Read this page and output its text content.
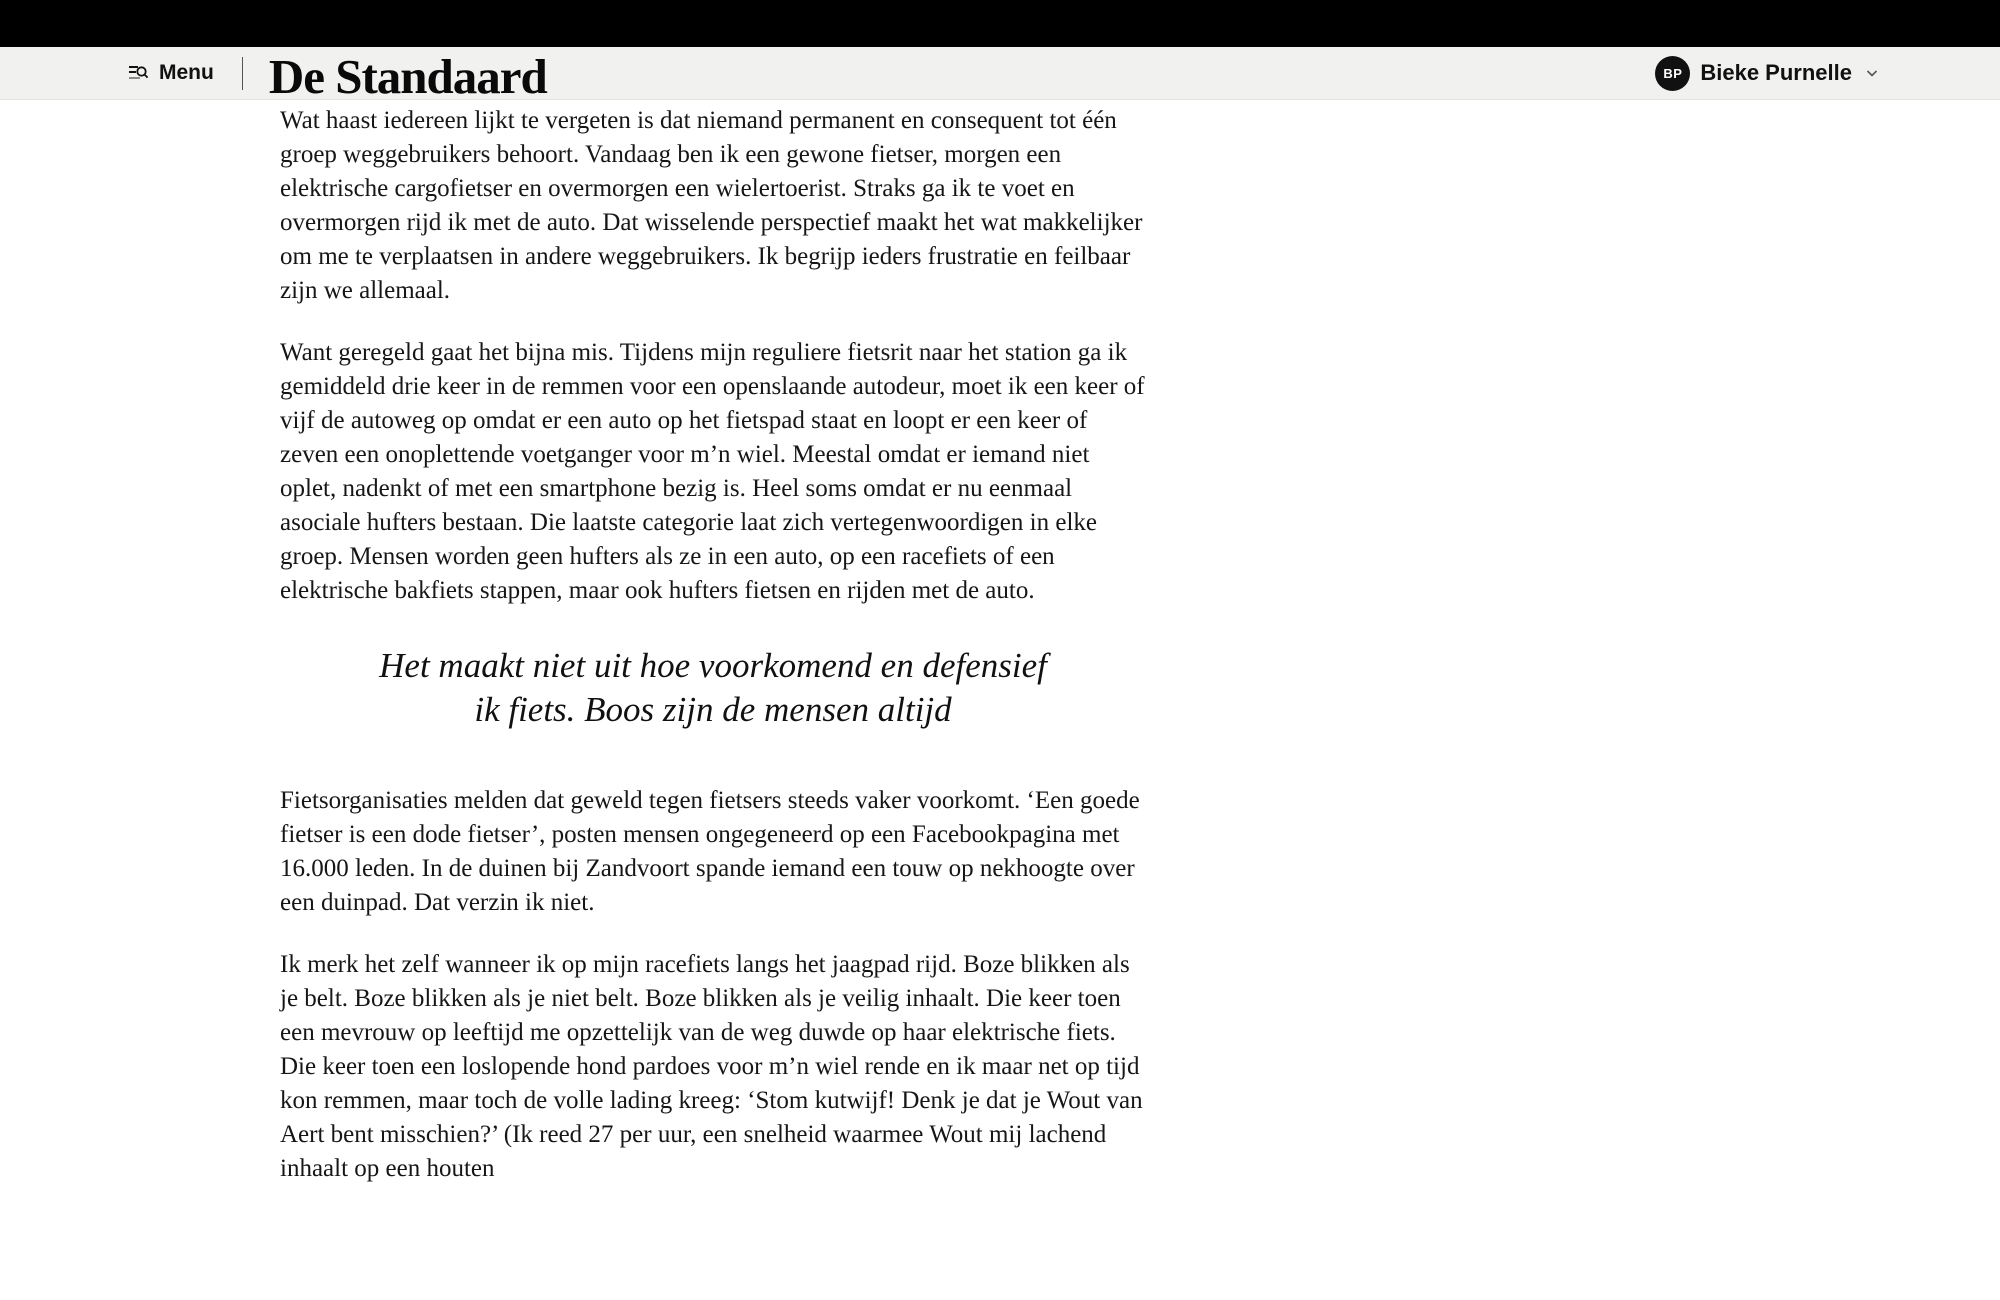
Menu De Standaard	BP Bieke Purnelle

Wat haast iedereen lijkt te vergeten is dat niemand permanent en consequent tot één groep weggebruikers behoort. Vandaag ben ik een gewone fietser, morgen een elektrische cargofietser en overmorgen een wielertoerist. Straks ga ik te voet en overmorgen rijd ik met de auto. Dat wisselende perspectief maakt het wat makkelijker om me te verplaatsen in andere weggebruikers. Ik begrijp ieders frustratie en feilbaar zijn we allemaal.

Want geregeld gaat het bijna mis. Tijdens mijn reguliere fietsrit naar het station ga ik gemiddeld drie keer in de remmen voor een openslaande autodeur, moet ik een keer of vijf de autoweg op omdat er een auto op het fietspad staat en loopt er een keer of zeven een onoplettende voetganger voor m’n wiel. Meestal omdat er iemand niet oplet, nadenkt of met een smartphone bezig is. Heel soms omdat er nu eenmaal asociale hufters bestaan. Die laatste categorie laat zich vertegenwoordigen in elke groep. Mensen worden geen hufters als ze in een auto, op een racefiets of een elektrische bakfiets stappen, maar ook hufters fietsen en rijden met de auto.

Het maakt niet uit hoe voorkomend en defensief ik fiets. Boos zijn de mensen altijd

Fietsorganisaties melden dat geweld tegen fietsers steeds vaker voorkomt. ‘Een goede fietser is een dode fietser’, posten mensen ongegeneerd op een Facebookpagina met 16.000 leden. In de duinen bij Zandvoort spande iemand een touw op nekhoogte over een duinpad. Dat verzin ik niet.

Ik merk het zelf wanneer ik op mijn racefiets langs het jaagpad rijd. Boze blikken als je belt. Boze blikken als je niet belt. Boze blikken als je veilig inhaalt. Die keer toen een mevrouw op leeftijd me opzettelijk van de weg duwde op haar elektrische fiets. Die keer toen een loslopende hond pardoes voor m’n wiel rende en ik maar net op tijd kon remmen, maar toch de volle lading kreeg: ‘Stom kutwijf! Denk je dat je Wout van Aert bent misschien?’ (Ik reed 27 per uur, een snelheid waarmee Wout mij lachend inhaalt op een houten
